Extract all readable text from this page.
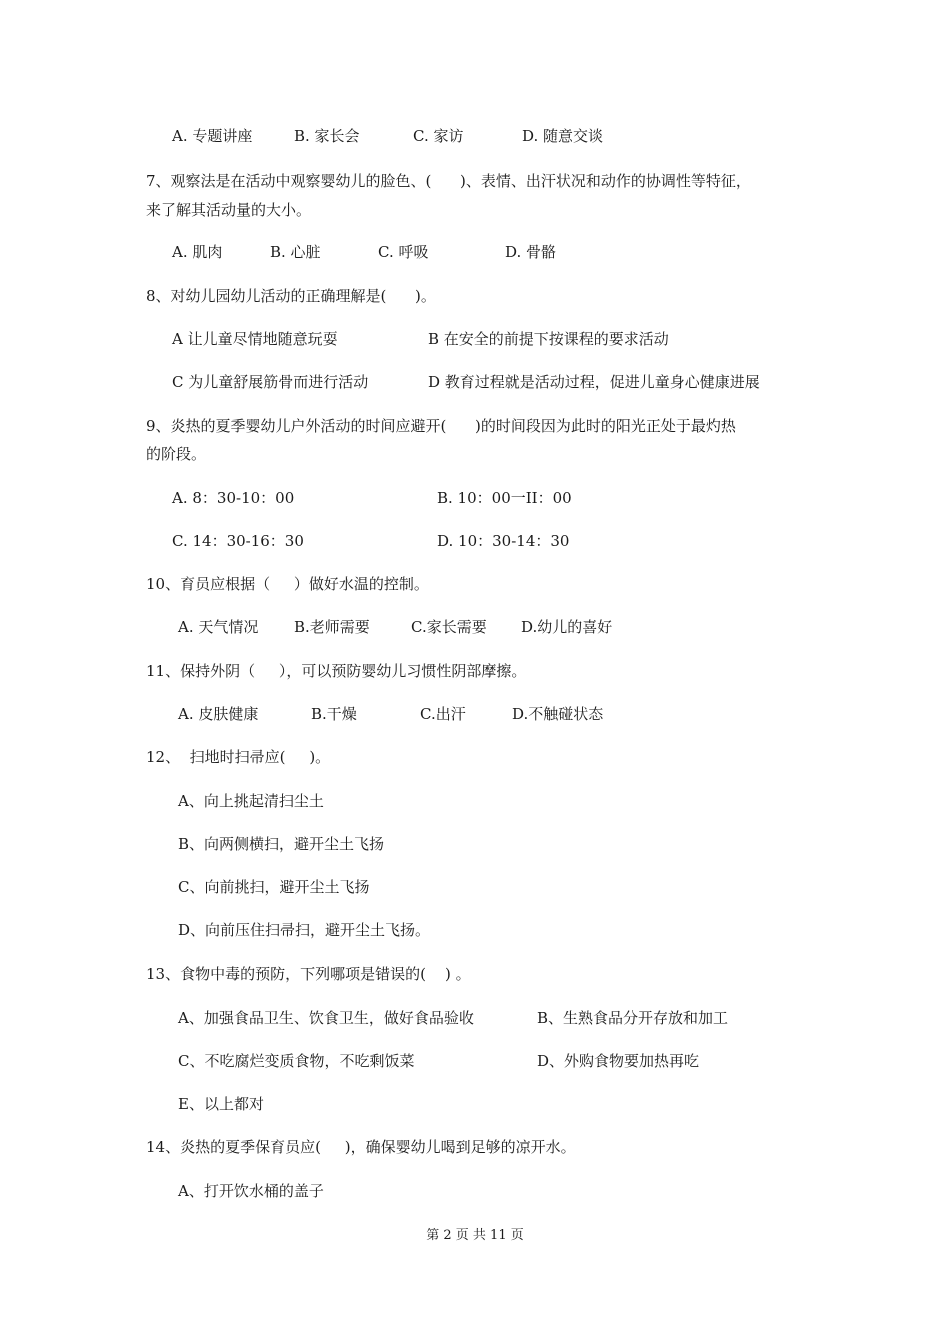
A. 专题讲座	B. 家长会	C. 家访	D. 随意交谈
7、观察法是在活动中观察婴幼儿的脸色、(      )、表情、出汗状况和动作的协调性等特征，
来了解其活动量的大小。
A. 肌肉	B. 心脏	C. 呼吸	D. 骨骼
8、对幼儿园幼儿活动的正确理解是(      )。
A 让儿童尽情地随意玩耍	B 在安全的前提下按课程的要求活动
C 为儿童舒展筋骨而进行活动	D 教育过程就是活动过程，促进儿童身心健康进展
9、炎热的夏季婴幼儿户外活动的时间应避开(      )的时间段因为此时的阳光正处于最灼热
的阶段。
A. 8：30-10：00	B. 10：00一II：00
C. 14：30-16：30	D. 10：30-14：30
10、育员应根据（     ）做好水温的控制。
A. 天气情况 B.老师需要	C.家长需要 D.幼儿的喜好
11、保持外阴（     ），可以预防婴幼儿习惯性阴部摩擦。
A. 皮肤健康	B.干燥	C.出汗	D.不触碰状态
12、  扫地时扫帚应(     )。
A、向上挑起清扫尘土
B、向两侧横扫，避开尘土飞扬
C、向前挑扫，避开尘土飞扬
D、向前压住扫帚扫，避开尘土飞扬。
13、食物中毒的预防，下列哪项是错误的(    ) 。
A、加强食品卫生、饮食卫生，做好食品验收	B、生熟食品分开存放和加工
C、不吃腐烂变质食物，不吃剩饭菜	D、外购食物要加热再吃
E、以上都对
14、炎热的夏季保育员应(     )，确保婴幼儿喝到足够的凉开水。
A、打开饮水桶的盖子
第 2 页 共 11 页
